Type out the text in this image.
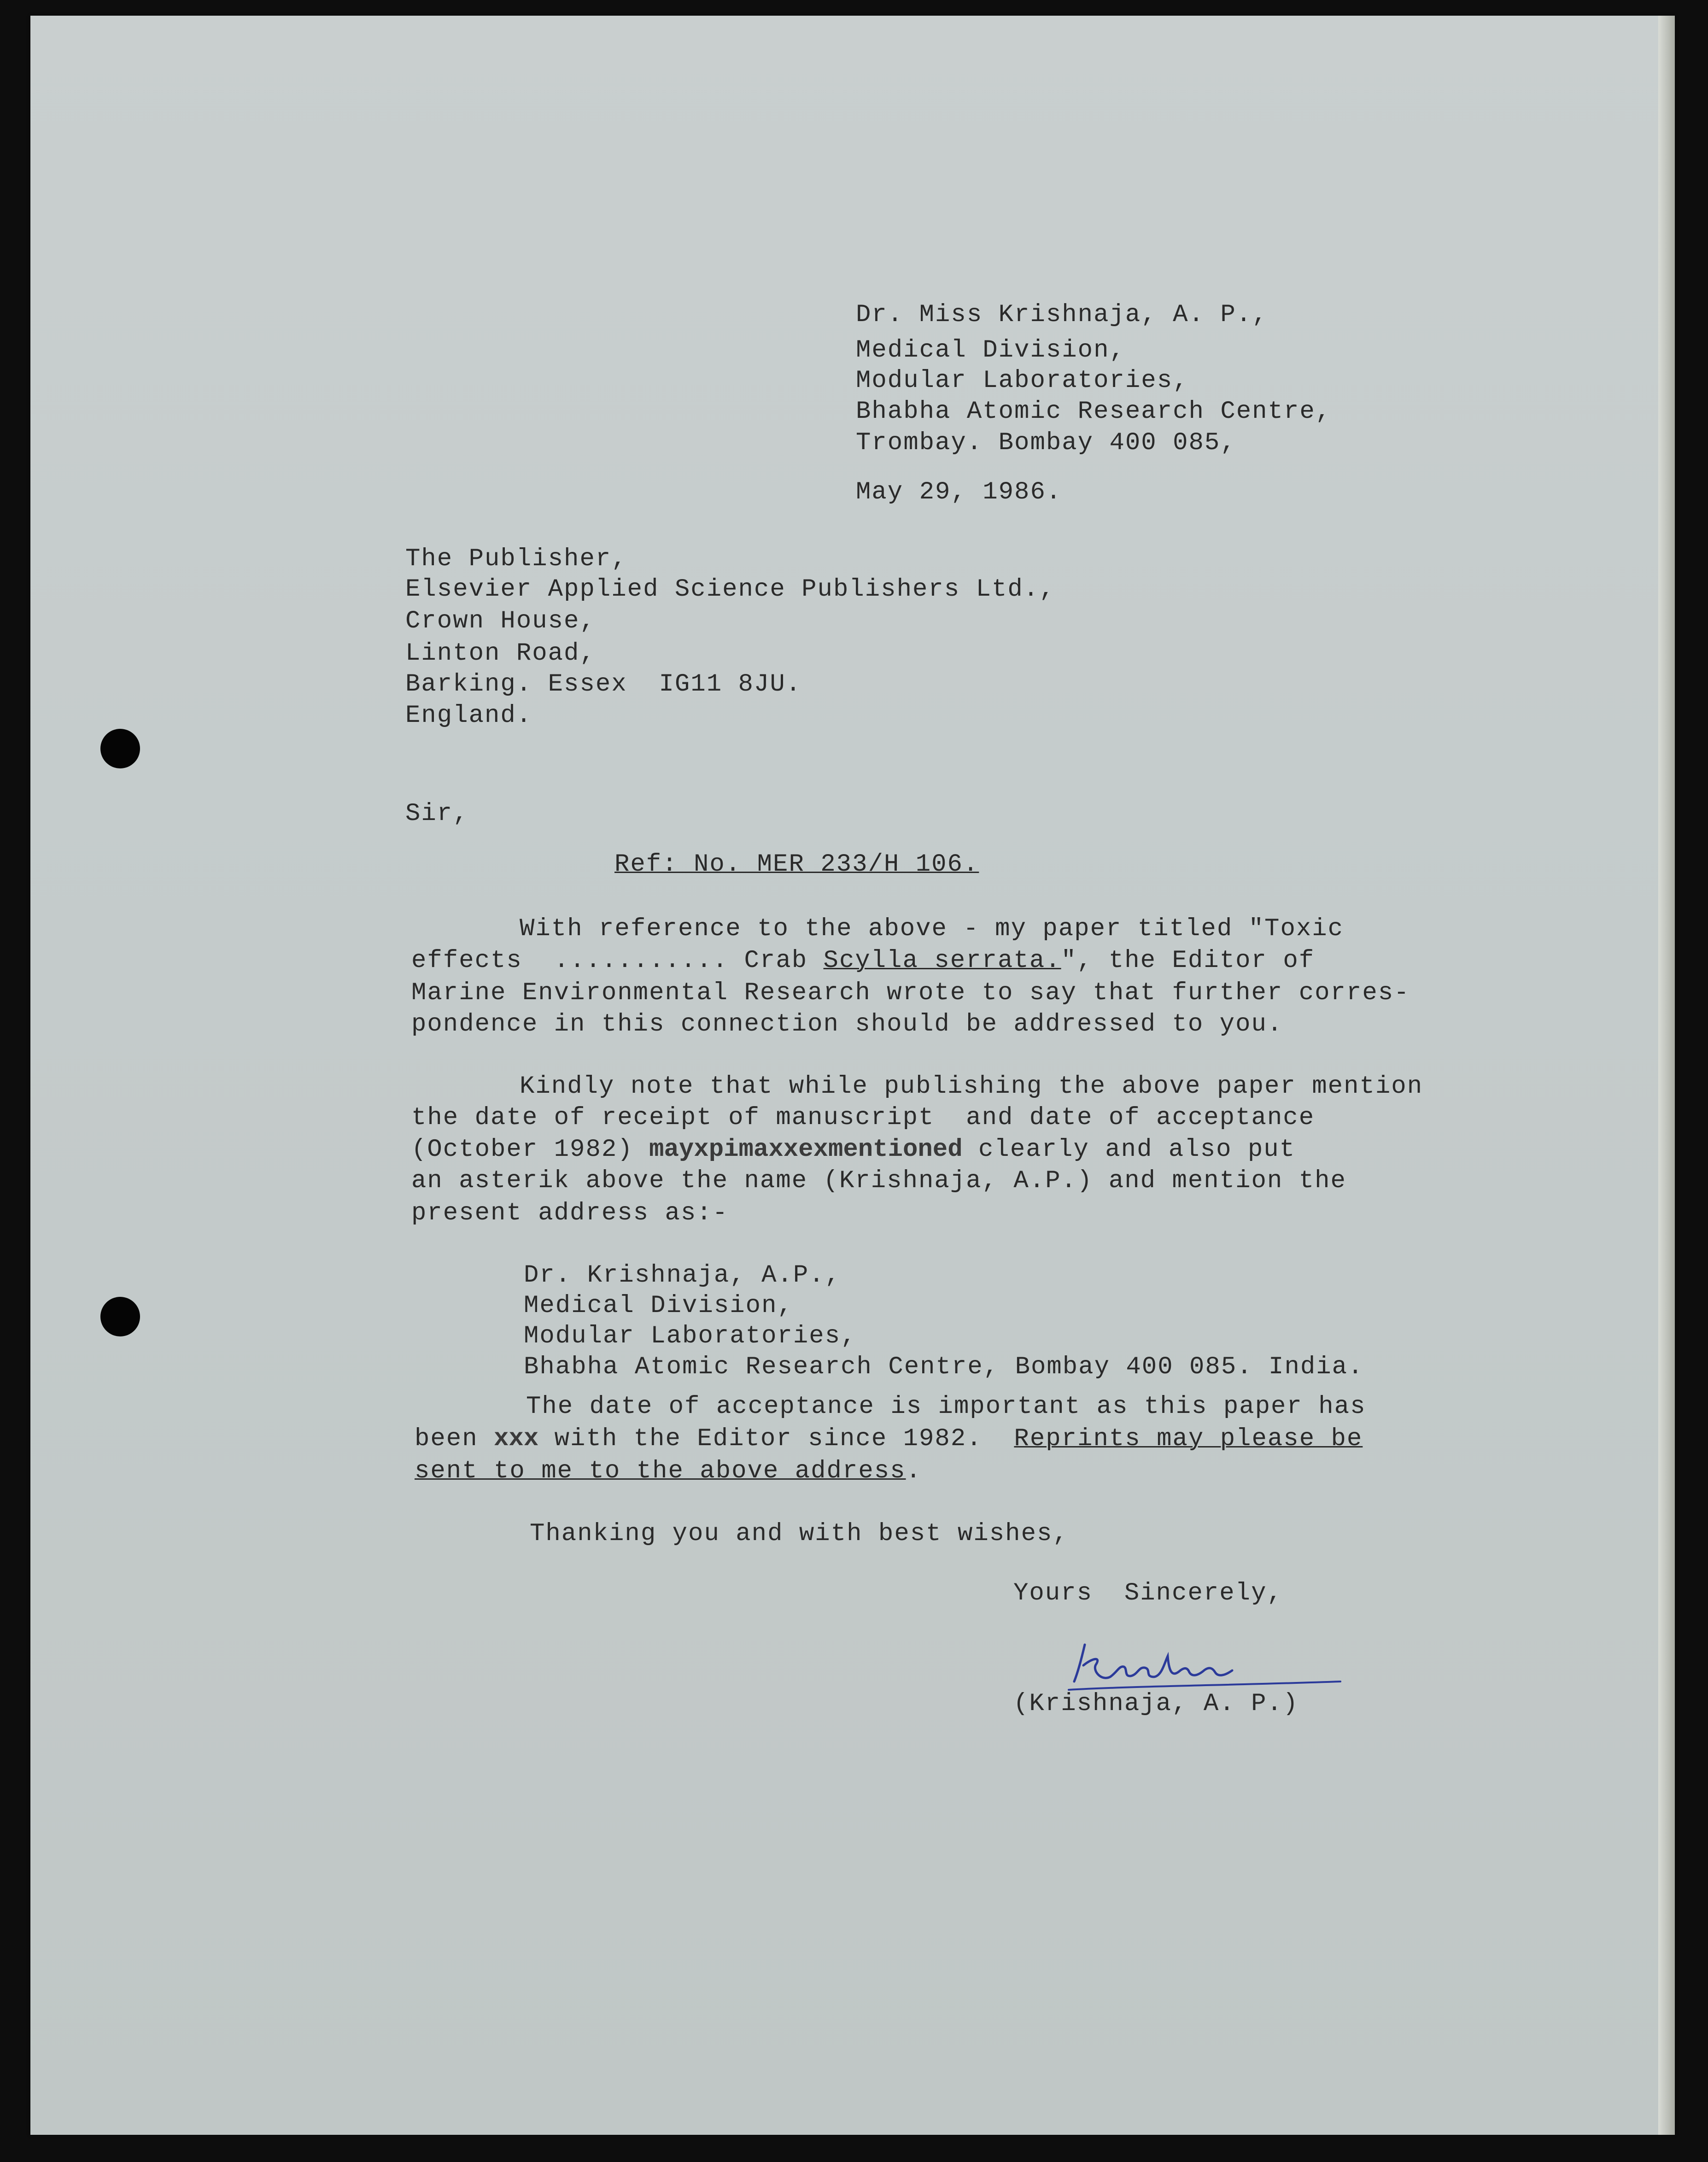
Dr. Miss Krishnaja, A. P.,
Medical Division,
Modular Laboratories,
Bhabha Atomic Research Centre,
Trombay. Bombay 400 085,
May 29, 1986.
The Publisher,
Elsevier Applied Science Publishers Ltd.,
Crown House,
Linton Road,
Barking. Essex  IG11 8JU.
England.
Sir,
Ref: No. MER 233/H 106.
With reference to the above - my paper titled "Toxic
effects  ........... Crab Scylla serrata.", the Editor of
Marine Environmental Research wrote to say that further corres-
pondence in this connection should be addressed to you.
Kindly note that while publishing the above paper mention
the date of receipt of manuscript  and date of acceptance
(October 1982) mayxpimaxxexmentioned clearly and also put
an asterik above the name (Krishnaja, A.P.) and mention the
present address as:-
Dr. Krishnaja, A.P.,
Medical Division,
Modular Laboratories,
Bhabha Atomic Research Centre, Bombay 400 085. India.
The date of acceptance is important as this paper has
been xxx with the Editor since 1982.  Reprints may please be
sent to me to the above address.
Thanking you and with best wishes,
Yours  Sincerely,
(Krishnaja, A. P.)
